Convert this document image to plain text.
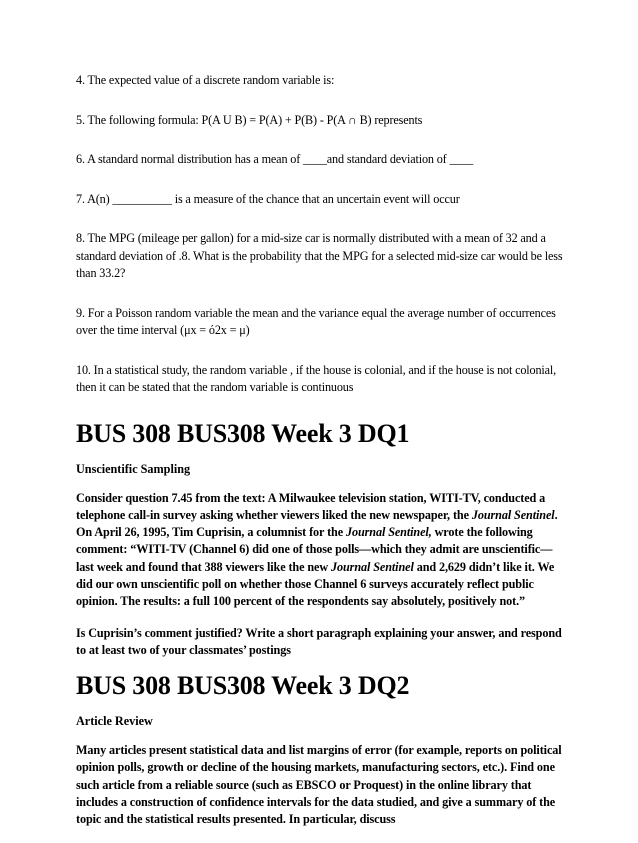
4. The expected value of a discrete random variable is:

5. The following formula: P(A U B) = P(A) + P(B) - P(A ∩ B) represents

6. A standard normal distribution has a mean of ____and standard deviation of ____

7. A(n) __________ is a measure of the chance that an uncertain event will occur

8. The MPG (mileage per gallon) for a mid-size car is normally distributed with a mean of 32 and a standard deviation of .8. What is the probability that the MPG for a selected mid-size car would be less than 33.2?

9. For a Poisson random variable the mean and the variance equal the average number of occurrences over the time interval (μx = ό2x = μ)

10. In a statistical study, the random variable , if the house is colonial, and if the house is not colonial, then it can be stated that the random variable is continuous

BUS 308 BUS308 Week 3 DQ1

Unscientific Sampling

Consider question 7.45 from the text: A Milwaukee television station, WITI-TV, conducted a telephone call-in survey asking whether viewers liked the new newspaper, the Journal Sentinel. On April 26, 1995, Tim Cuprisin, a columnist for the Journal Sentinel, wrote the following comment: “WITI-TV (Channel 6) did one of those polls—which they admit are unscientific—last week and found that 388 viewers like the new Journal Sentinel and 2,629 didn’t like it. We did our own unscientific poll on whether those Channel 6 surveys accurately reflect public opinion. The results: a full 100 percent of the respondents say absolutely, positively not.”

Is Cuprisin’s comment justified? Write a short paragraph explaining your answer, and respond to at least two of your classmates’ postings

BUS 308 BUS308 Week 3 DQ2

Article Review

Many articles present statistical data and list margins of error (for example, reports on political opinion polls, growth or decline of the housing markets, manufacturing sectors, etc.). Find one such article from a reliable source (such as EBSCO or Proquest) in the online library that includes a construction of confidence intervals for the data studied, and give a summary of the topic and the statistical results presented. In particular, discuss
